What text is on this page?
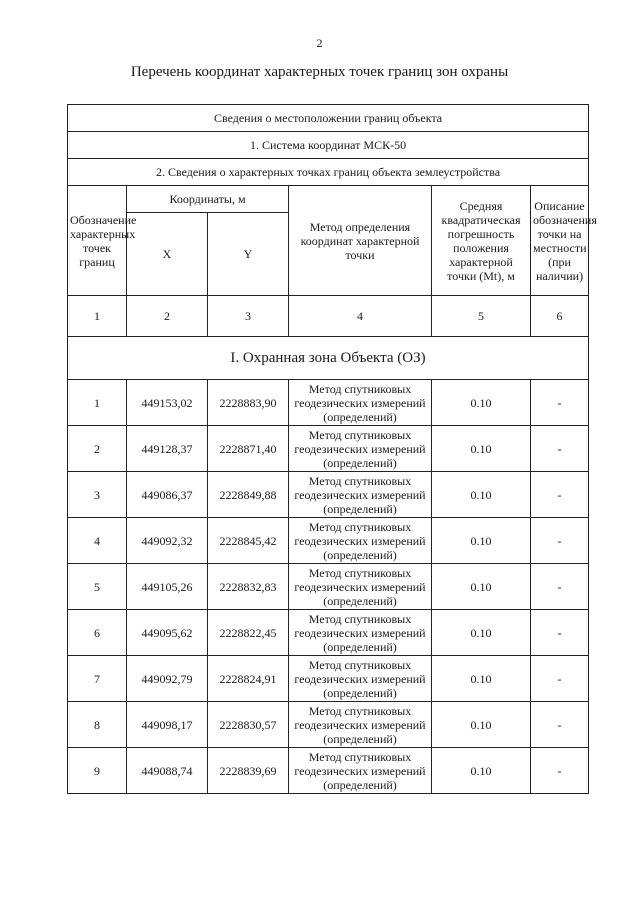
2
Перечень координат характерных точек границ зон охраны
Сведения о местоположении границ объекта					
1. Система координат МСК-50					
2. Сведения о характерных точках границ объекта землеустройства					
Обозначение характерных точек границ	Координаты, м		Метод определения координат характерной точки	Средняя квадратическая погрешность положения характерной точки (Mt), м	Описание обозначения точки на местности (при наличии)
	X	Y			
1	2	3	4	5	6
I. Охранная зона Объекта (ОЗ)					
1	449153,02	2228883,90	Метод спутниковых геодезических измерений (определений)	0.10	-
2	449128,37	2228871,40	Метод спутниковых геодезических измерений (определений)	0.10	-
3	449086,37	2228849,88	Метод спутниковых геодезических измерений (определений)	0.10	-
4	449092,32	2228845,42	Метод спутниковых геодезических измерений (определений)	0.10	-
5	449105,26	2228832,83	Метод спутниковых геодезических измерений (определений)	0.10	-
6	449095,62	2228822,45	Метод спутниковых геодезических измерений (определений)	0.10	-
7	449092,79	2228824,91	Метод спутниковых геодезических измерений (определений)	0.10	-
8	449098,17	2228830,57	Метод спутниковых геодезических измерений (определений)	0.10	-
9	449088,74	2228839,69	Метод спутниковых геодезических измерений (определений)	0.10	-
